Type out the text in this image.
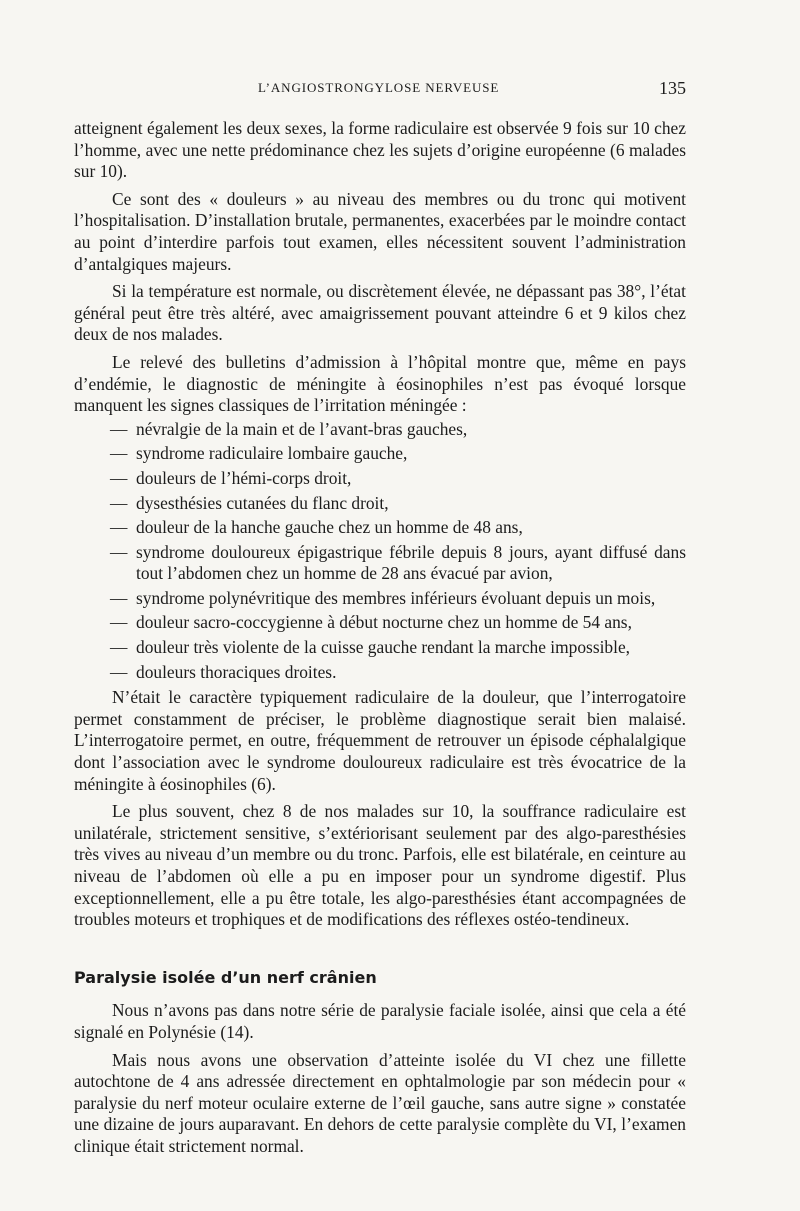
L’ANGIOSTRONGYLOSE NERVEUSE	135

atteignent également les deux sexes, la forme radiculaire est observée 9 fois sur 10 chez l’homme, avec une nette prédominance chez les sujets d’origine européenne (6 malades sur 10).

Ce sont des « douleurs » au niveau des membres ou du tronc qui motivent l’hospitalisation. D’installation brutale, permanentes, exacerbées par le moindre contact au point d’interdire parfois tout examen, elles nécessitent souvent l’administration d’antalgiques majeurs.

Si la température est normale, ou discrètement élevée, ne dépassant pas 38°, l’état général peut être très altéré, avec amaigrissement pouvant atteindre 6 et 9 kilos chez deux de nos malades.

Le relevé des bulletins d’admission à l’hôpital montre que, même en pays d’endémie, le diagnostic de méningite à éosinophiles n’est pas évoqué lorsque manquent les signes classiques de l’irritation méningée :

— névralgie de la main et de l’avant-bras gauches,
— syndrome radiculaire lombaire gauche,
— douleurs de l’hémi-corps droit,
— dysesthésies cutanées du flanc droit,
— douleur de la hanche gauche chez un homme de 48 ans,
— syndrome douloureux épigastrique fébrile depuis 8 jours, ayant diffusé dans tout l’abdomen chez un homme de 28 ans évacué par avion,
— syndrome polynévritique des membres inférieurs évoluant depuis un mois,
— douleur sacro-coccygienne à début nocturne chez un homme de 54 ans,
— douleur très violente de la cuisse gauche rendant la marche impossible,
— douleurs thoraciques droites.

N’était le caractère typiquement radiculaire de la douleur, que l’interrogatoire permet constamment de préciser, le problème diagnostique serait bien malaisé. L’interrogatoire permet, en outre, fréquemment de retrouver un épisode céphalalgique dont l’association avec le syndrome douloureux radiculaire est très évocatrice de la méningite à éosinophiles (6).

Le plus souvent, chez 8 de nos malades sur 10, la souffrance radiculaire est unilatérale, strictement sensitive, s’extériorisant seulement par des algo-paresthésies très vives au niveau d’un membre ou du tronc. Parfois, elle est bilatérale, en ceinture au niveau de l’abdomen où elle a pu en imposer pour un syndrome digestif. Plus exceptionnellement, elle a pu être totale, les algo-paresthésies étant accompagnées de troubles moteurs et trophiques et de modifications des réflexes ostéo-tendineux.

Paralysie isolée d’un nerf crânien

Nous n’avons pas dans notre série de paralysie faciale isolée, ainsi que cela a été signalé en Polynésie (14).

Mais nous avons une observation d’atteinte isolée du VI chez une fillette autochtone de 4 ans adressée directement en ophtalmologie par son médecin pour « paralysie du nerf moteur oculaire externe de l’œil gauche, sans autre signe » constatée une dizaine de jours auparavant. En dehors de cette paralysie complète du VI, l’examen clinique était strictement normal.
